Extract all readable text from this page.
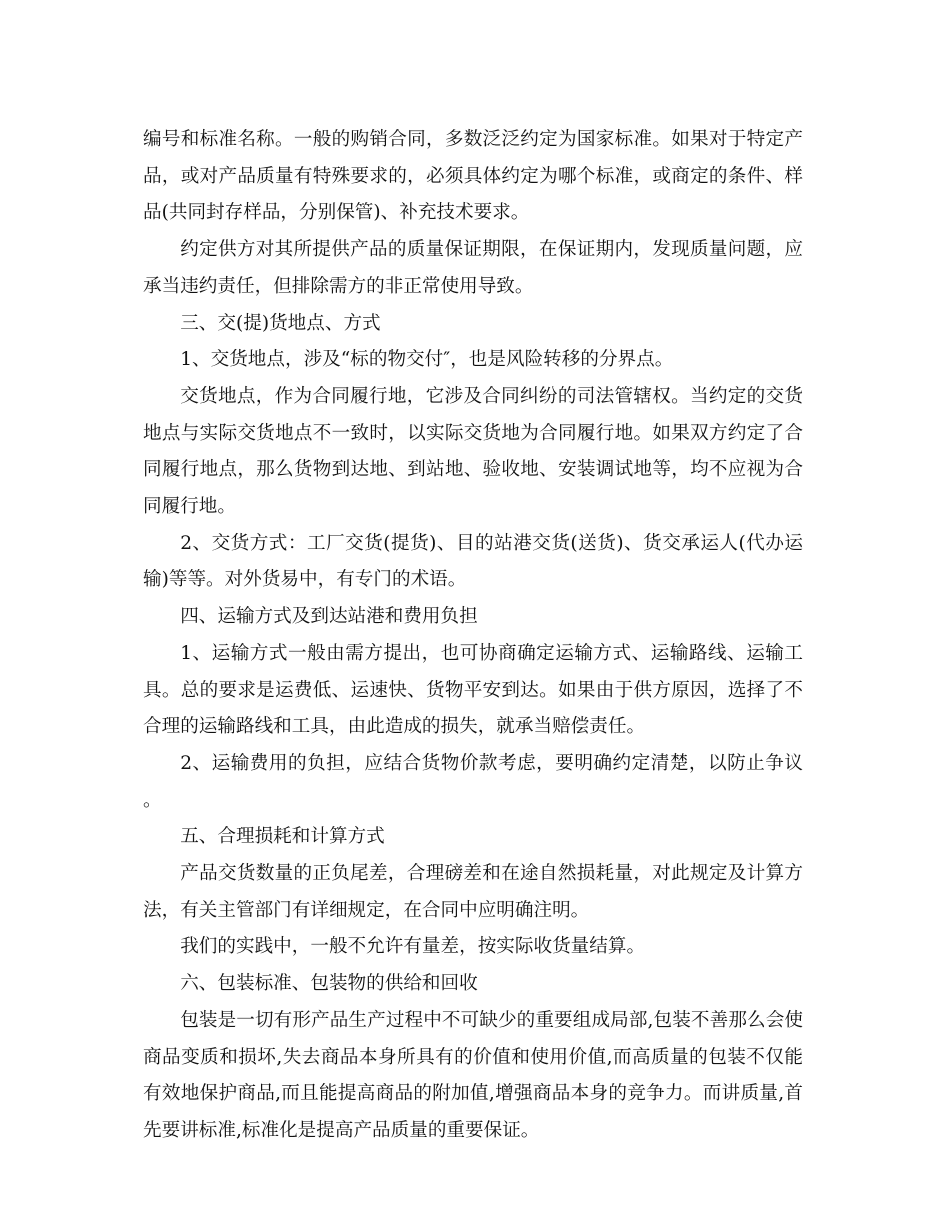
编号和标准名称。一般的购销合同，多数泛泛约定为国家标准。如果对于特定产品，或对产品质量有特殊要求的，必须具体约定为哪个标准，或商定的条件、样品(共同封存样品，分别保管)、补充技术要求。

约定供方对其所提供产品的质量保证期限，在保证期内，发现质量问题，应承当违约责任，但排除需方的非正常使用导致。

三、交(提)货地点、方式

1、交货地点，涉及“标的物交付″，也是风险转移的分界点。

交货地点，作为合同履行地，它涉及合同纠纷的司法管辖权。当约定的交货地点与实际交货地点不一致时，以实际交货地为合同履行地。如果双方约定了合同履行地点，那么货物到达地、到站地、验收地、安装调试地等，均不应视为合同履行地。

2、交货方式：工厂交货(提货)、目的站港交货(送货)、货交承运人(代办运输)等等。对外货易中，有专门的术语。

四、运输方式及到达站港和费用负担

1、运输方式一般由需方提出，也可协商确定运输方式、运输路线、运输工具。总的要求是运费低、运速快、货物平安到达。如果由于供方原因，选择了不合理的运输路线和工具，由此造成的损失，就承当赔偿责任。

2、运输费用的负担，应结合货物价款考虑，要明确约定清楚，以防止争议。

五、合理损耗和计算方式

产品交货数量的正负尾差，合理磅差和在途自然损耗量，对此规定及计算方法，有关主管部门有详细规定，在合同中应明确注明。

我们的实践中，一般不允许有量差，按实际收货量结算。

六、包装标准、包装物的供给和回收

包装是一切有形产品生产过程中不可缺少的重要组成局部,包装不善那么会使商品变质和损坏,失去商品本身所具有的价值和使用价值,而高质量的包装不仅能有效地保护商品,而且能提高商品的附加值,增强商品本身的竞争力。而讲质量,首先要讲标准,标准化是提高产品质量的重要保证。
